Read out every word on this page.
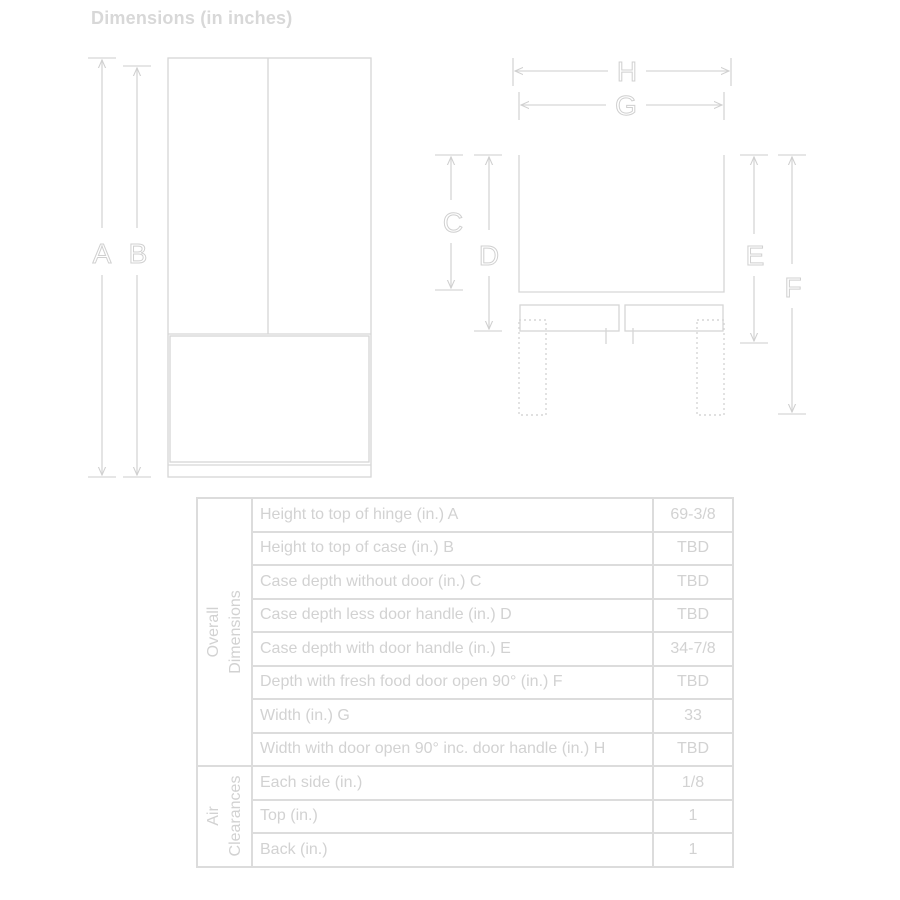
Dimensions (in inches)
A B
H
G
C
D	E
F
Overall Dimensions	Height to top of hinge (in.) A	69-3/8
	Height to top of case (in.) B	TBD
	Case depth without door (in.) C	TBD
	Case depth less door handle (in.) D	TBD
	Case depth with door handle (in.) E	34-7/8
	Depth with fresh food door open 90° (in.) F	TBD
	Width (in.) G	33
	Width with door open 90° inc. door handle (in.) H	TBD

Air Clearances	Each side (in.)	1/8
	Top (in.)	1
	Back (in.)	1
